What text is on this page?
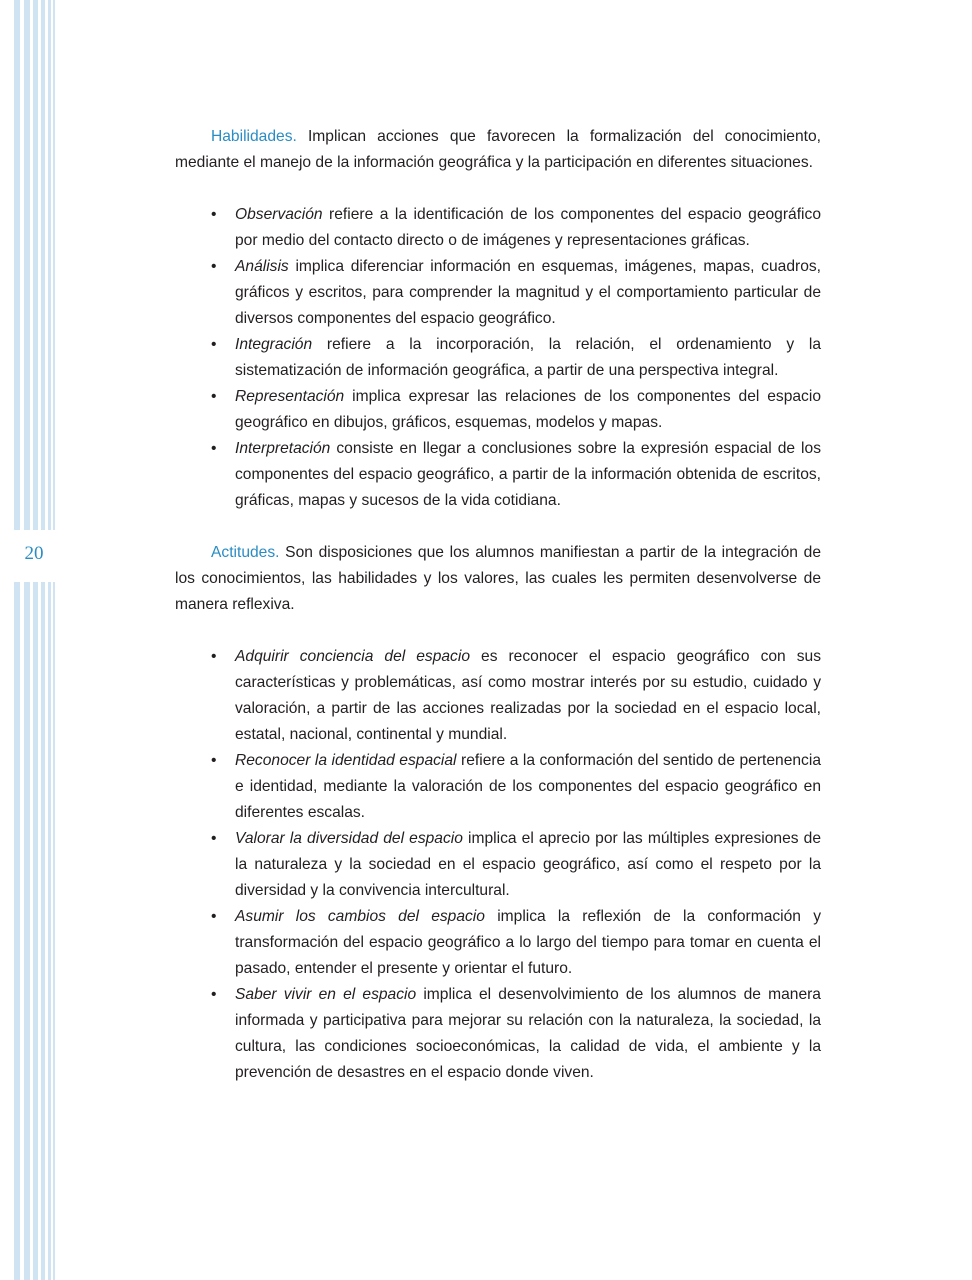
20

Habilidades. Implican acciones que favorecen la formalización del conocimiento, mediante el manejo de la información geográfica y la participación en diferentes situaciones.

• Observación refiere a la identificación de los componentes del espacio geográfico por medio del contacto directo o de imágenes y representaciones gráficas.
• Análisis implica diferenciar información en esquemas, imágenes, mapas, cuadros, gráficos y escritos, para comprender la magnitud y el comportamiento particular de diversos componentes del espacio geográfico.
• Integración refiere a la incorporación, la relación, el ordenamiento y la sistematización de información geográfica, a partir de una perspectiva integral.
• Representación implica expresar las relaciones de los componentes del espacio geográfico en dibujos, gráficos, esquemas, modelos y mapas.
• Interpretación consiste en llegar a conclusiones sobre la expresión espacial de los componentes del espacio geográfico, a partir de la información obtenida de escritos, gráficas, mapas y sucesos de la vida cotidiana.

Actitudes. Son disposiciones que los alumnos manifiestan a partir de la integración de los conocimientos, las habilidades y los valores, las cuales les permiten desenvolverse de manera reflexiva.

• Adquirir conciencia del espacio es reconocer el espacio geográfico con sus características y problemáticas, así como mostrar interés por su estudio, cuidado y valoración, a partir de las acciones realizadas por la sociedad en el espacio local, estatal, nacional, continental y mundial.
• Reconocer la identidad espacial refiere a la conformación del sentido de pertenencia e identidad, mediante la valoración de los componentes del espacio geográfico en diferentes escalas.
• Valorar la diversidad del espacio implica el aprecio por las múltiples expresiones de la naturaleza y la sociedad en el espacio geográfico, así como el respeto por la diversidad y la convivencia intercultural.
• Asumir los cambios del espacio implica la reflexión de la conformación y transformación del espacio geográfico a lo largo del tiempo para tomar en cuenta el pasado, entender el presente y orientar el futuro.
• Saber vivir en el espacio implica el desenvolvimiento de los alumnos de manera informada y participativa para mejorar su relación con la naturaleza, la sociedad, la cultura, las condiciones socioeconómicas, la calidad de vida, el ambiente y la prevención de desastres en el espacio donde viven.
